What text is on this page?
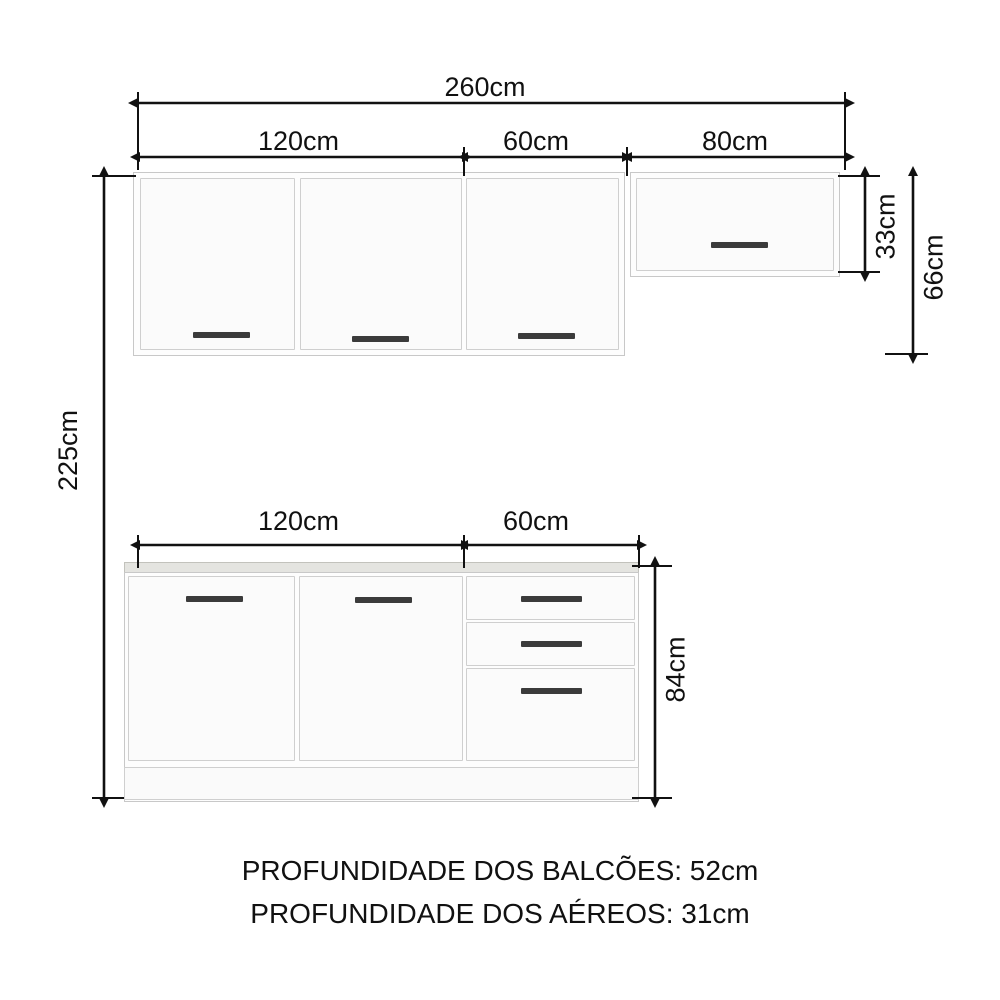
260cm
120cm	60cm	80cm
33cm
66cm
225cm
120cm	60cm
84cm
PROFUNDIDADE DOS BALCÕES: 52cm
PROFUNDIDADE DOS AÉREOS: 31cm
